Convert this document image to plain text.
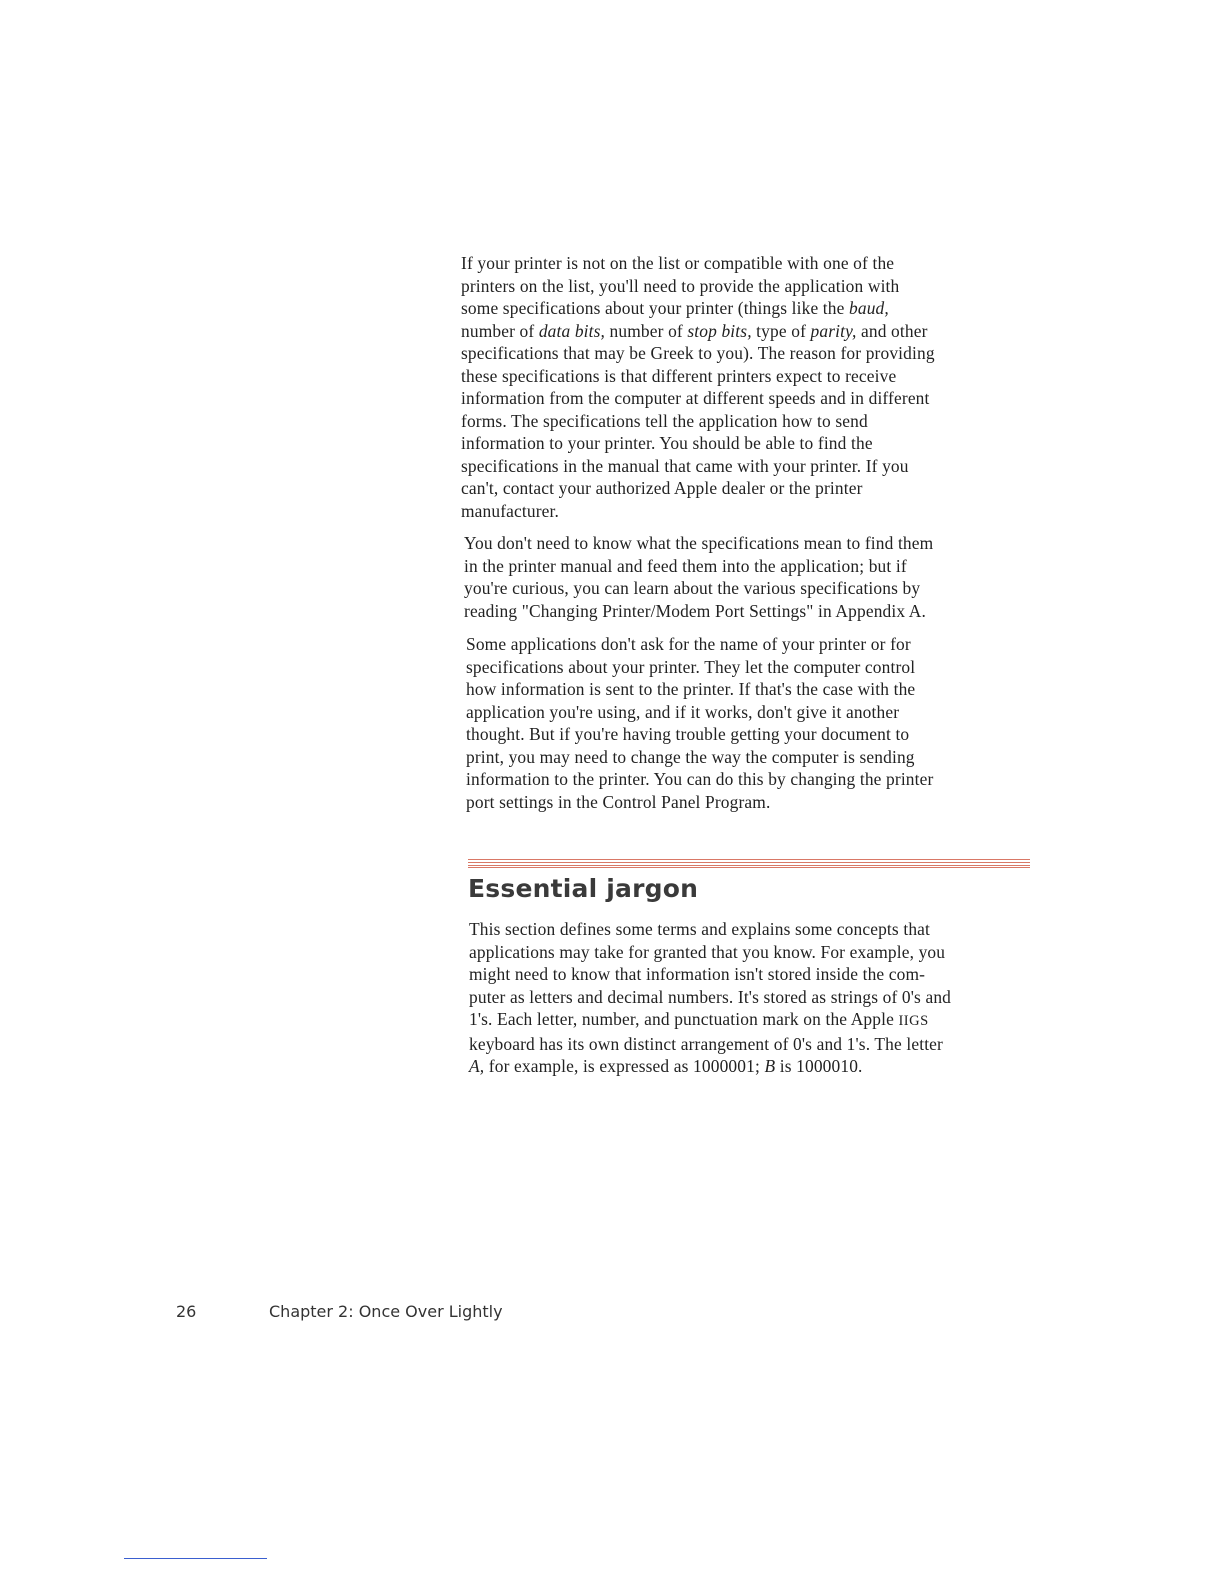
If your printer is not on the list or compatible with one of the
printers on the list, you'll need to provide the application with
some specifications about your printer (things like the baud,
number of data bits, number of stop bits, type of parity, and other
specifications that may be Greek to you). The reason for providing
these specifications is that different printers expect to receive
information from the computer at different speeds and in different
forms. The specifications tell the application how to send
information to your printer. You should be able to find the
specifications in the manual that came with your printer. If you
can't, contact your authorized Apple dealer or the printer
manufacturer.
You don't need to know what the specifications mean to find them
in the printer manual and feed them into the application; but if
you're curious, you can learn about the various specifications by
reading "Changing Printer/Modem Port Settings" in Appendix A.
Some applications don't ask for the name of your printer or for
specifications about your printer. They let the computer control
how information is sent to the printer. If that's the case with the
application you're using, and if it works, don't give it another
thought. But if you're having trouble getting your document to
print, you may need to change the way the computer is sending
information to the printer. You can do this by changing the printer
port settings in the Control Panel Program.
Essential jargon
This section defines some terms and explains some concepts that
applications may take for granted that you know. For example, you
might need to know that information isn't stored inside the com-
puter as letters and decimal numbers. It's stored as strings of 0's and
1's. Each letter, number, and punctuation mark on the Apple IIGS
keyboard has its own distinct arrangement of 0's and 1's. The letter
A, for example, is expressed as 1000001; B is 1000010.
26	Chapter 2: Once Over Lightly
